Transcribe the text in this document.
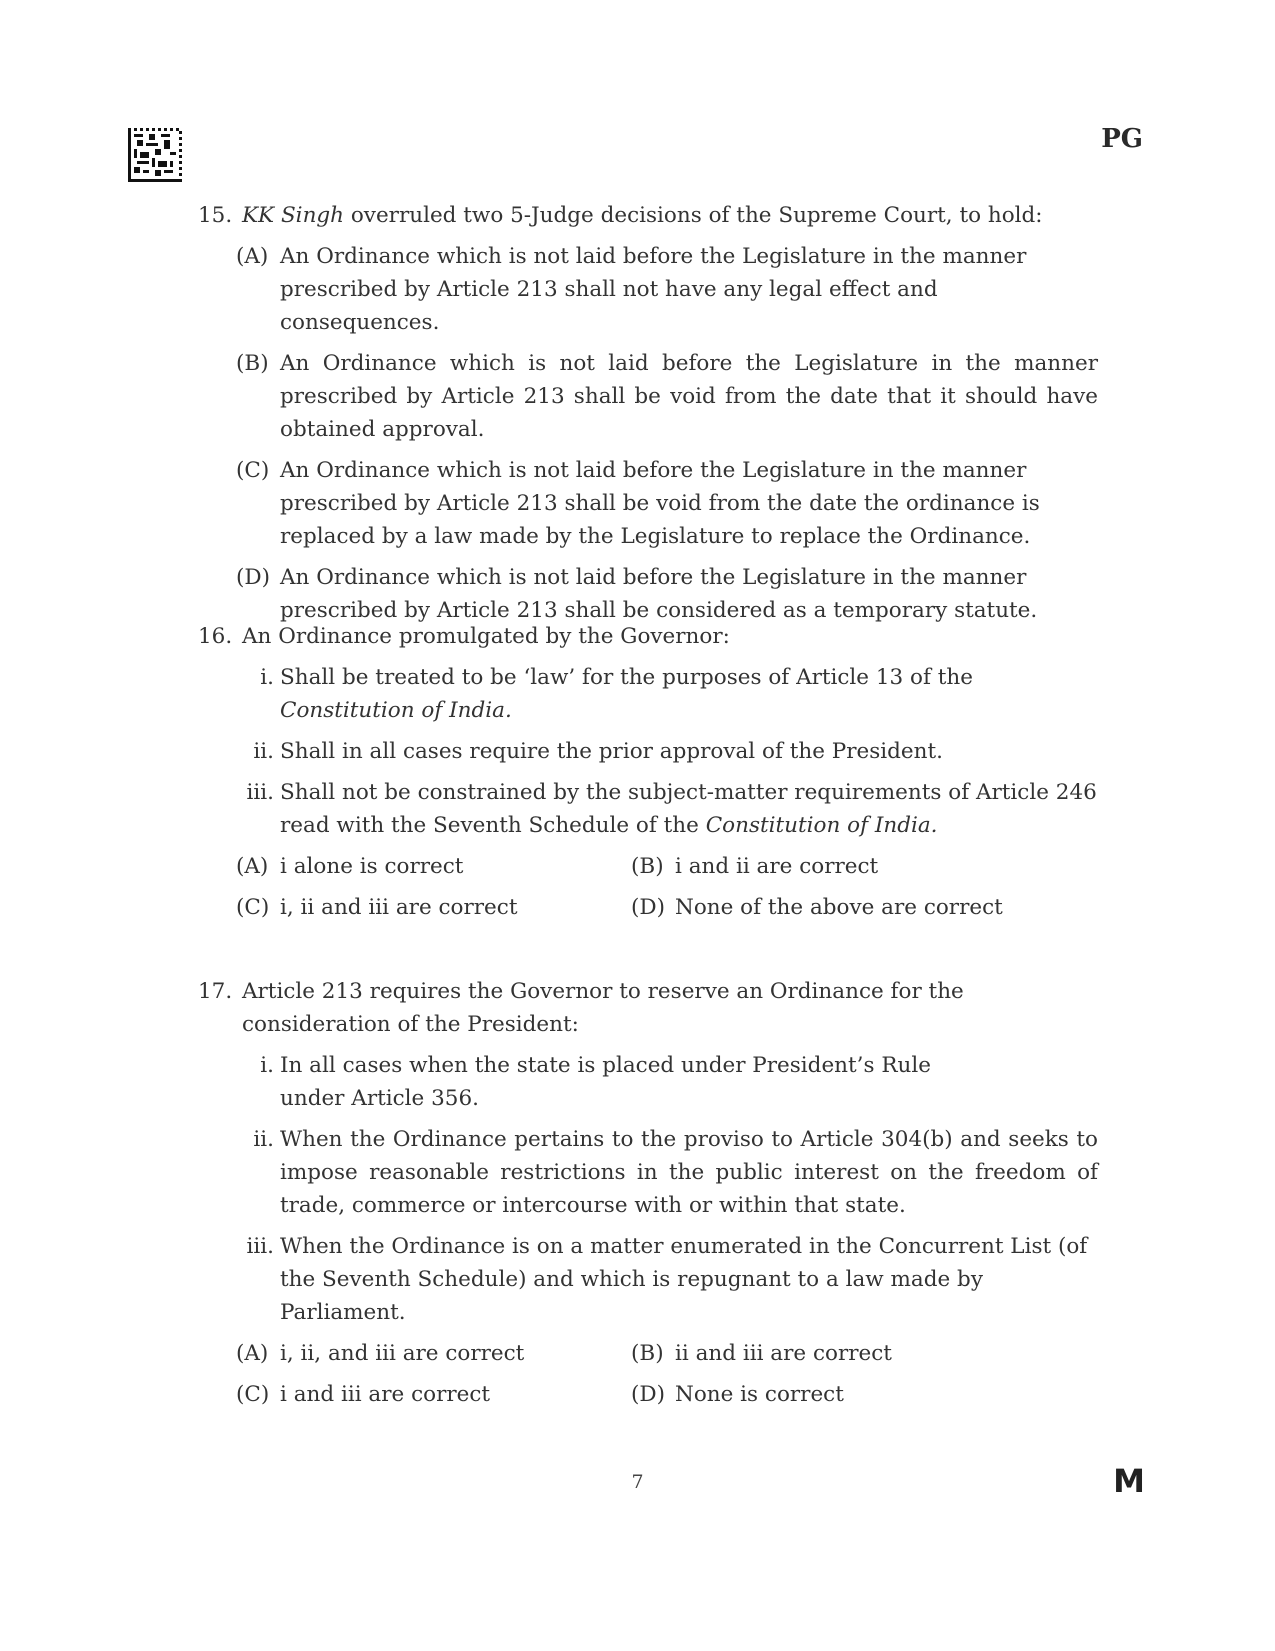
PG
15. KK Singh overruled two 5-Judge decisions of the Supreme Court, to hold:
(A) An Ordinance which is not laid before the Legislature in the manner prescribed by Article 213 shall not have any legal effect and consequences.
(B) An Ordinance which is not laid before the Legislature in the manner prescribed by Article 213 shall be void from the date that it should have obtained approval.
(C) An Ordinance which is not laid before the Legislature in the manner prescribed by Article 213 shall be void from the date the ordinance is replaced by a law made by the Legislature to replace the Ordinance.
(D) An Ordinance which is not laid before the Legislature in the manner prescribed by Article 213 shall be considered as a temporary statute.
16. An Ordinance promulgated by the Governor:
i. Shall be treated to be ‘law’ for the purposes of Article 13 of the Constitution of India.
ii. Shall in all cases require the prior approval of the President.
iii. Shall not be constrained by the subject-matter requirements of Article 246 read with the Seventh Schedule of the Constitution of India.
(A) i alone is correct	(B) i and ii are correct
(C) i, ii and iii are correct	(D) None of the above are correct
17. Article 213 requires the Governor to reserve an Ordinance for the consideration of the President:
i. In all cases when the state is placed under President’s Rule under Article 356.
ii. When the Ordinance pertains to the proviso to Article 304(b) and seeks to impose reasonable restrictions in the public interest on the freedom of trade, commerce or intercourse with or within that state.
iii. When the Ordinance is on a matter enumerated in the Concurrent List (of the Seventh Schedule) and which is repugnant to a law made by Parliament.
(A) i, ii, and iii are correct	(B) ii and iii are correct
(C) i and iii are correct	(D) None is correct
7	M
